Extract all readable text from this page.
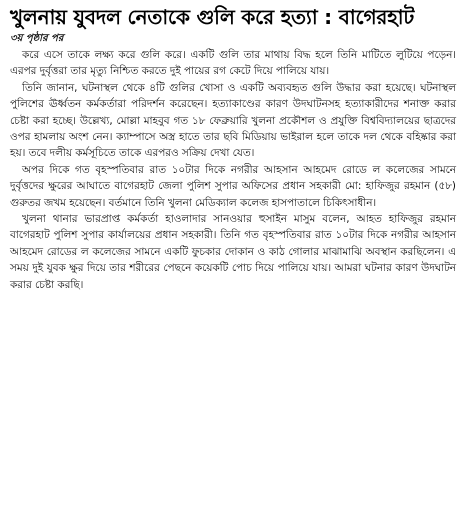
খুলনায় যুবদল নেতাকে গুলি করে হত্যা : বাগেরহাট
৩য় পৃষ্ঠার পর

করে এসে তাকে লক্ষ্য করে গুলি করে। একটি গুলি তার মাথায় বিদ্ধ হলে তিনি মাটিতে লুটিয়ে পড়েন। এরপর দুর্বৃত্তরা তার মৃত্যু নিশ্চিত করতে দুই পায়ের রগ কেটে দিয়ে পালিয়ে যায়।

তিনি জানান, ঘটনাস্থল থেকে ৪টি গুলির খোসা ও একটি অব্যবহৃত গুলি উদ্ধার করা হয়েছে। ঘটনাস্থল পুলিশের ঊর্ধ্বতন কর্মকর্তারা পরিদর্শন করেছেন। হত্যাকাণ্ডের কারণ উদঘাটনসহ হত্যাকারীদের শনাক্ত করার চেষ্টা করা হচ্ছে। উল্লেখ্য, মোল্লা মাহবুব গত ১৮ ফেব্রুয়ারি খুলনা প্রকৌশল ও প্রযুক্তি বিশ্ববিদ্যালয়ের ছাত্রদের ওপর হামলায় অংশ নেন। ক্যাম্পাসে অস্ত্র হাতে তার ছবি মিডিয়ায় ভাইরাল হলে তাকে দল থেকে বহিষ্কার করা হয়। তবে দলীয় কর্মসূচিতে তাকে এরপরও সক্রিয় দেখা যেত।

অপর দিকে গত বৃহস্পতিবার রাত ১০টার দিকে নগরীর আহসান আহমেদ রোডে ল কলেজের সামনে দুর্বৃত্তদের ক্ষুরের আঘাতে বাগেরহাট জেলা পুলিশ সুপার অফিসের প্রধান সহকারী মো: হাফিজুর রহমান (৫৮) গুরুতর জখম হয়েছেন। বর্তমানে তিনি খুলনা মেডিক্যাল কলেজ হাসপাতালে চিকিৎসাধীন।

খুলনা থানার ভারপ্রাপ্ত কর্মকর্তা হাওলাদার সানওয়ার হুসাইন মাসুম বলেন, আহত হাফিজুর রহমান বাগেরহাট পুলিশ সুপার কার্যালয়ের প্রধান সহকারী। তিনি গত বৃহস্পতিবার রাত ১০টার দিকে নগরীর আহসান আহমেদ রোডের ল কলেজের সামনে একটি ফুচকার দোকান ও কাঠ গোলার মাঝামাঝি অবস্থান করছিলেন। এ সময় দুই যুবক ক্ষুর দিয়ে তার শরীরের পেছনে কয়েকটি পোচ দিয়ে পালিয়ে যায়। আমরা ঘটনার কারণ উদঘাটন করার চেষ্টা করছি।
